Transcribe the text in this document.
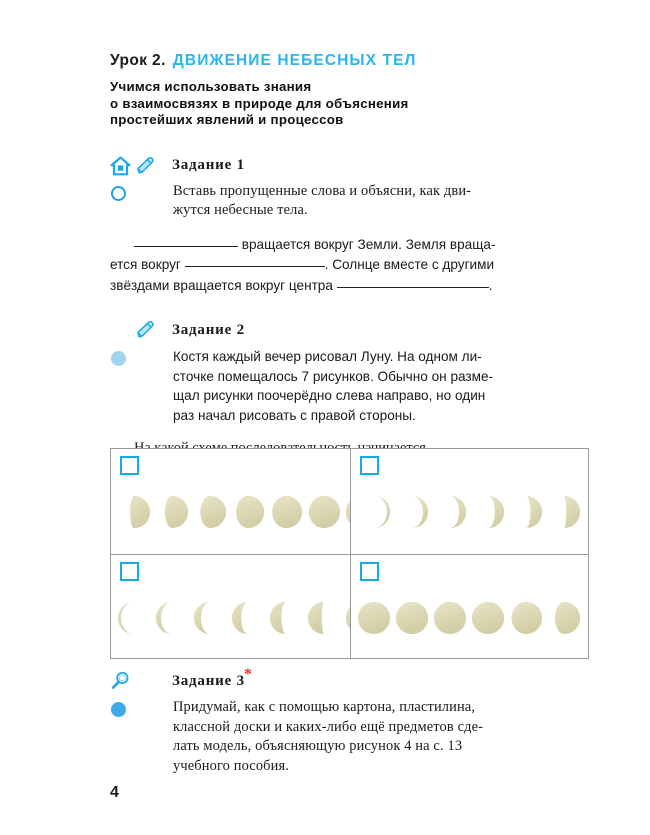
Урок 2. ДВИЖЕНИЕ НЕБЕСНЫХ ТЕЛ
Учимся использовать знания
о взаимосвязях в природе для объяснения
простейших явлений и процессов
Задание 1
Вставь пропущенные слова и объясни, как дви-
жутся небесные тела.
вращается вокруг Земли. Земля враща-
ется вокруг	. Солнце вместе с другими
звёздами вращается вокруг центра	.
Задание 2
Костя каждый вечер рисовал Луну. На одном ли-
сточке помещалось 7 рисунков. Обычно он разме-
щал рисунки поочерёдно слева направо, но один
раз начал рисовать с правой стороны.
Задание 3*
Придумай, как с помощью картона, пластилина,
классной доски и каких-либо ещё предметов сде-
лать модель, объясняющую рисунок 4 на с. 13
учебного пособия.
4
